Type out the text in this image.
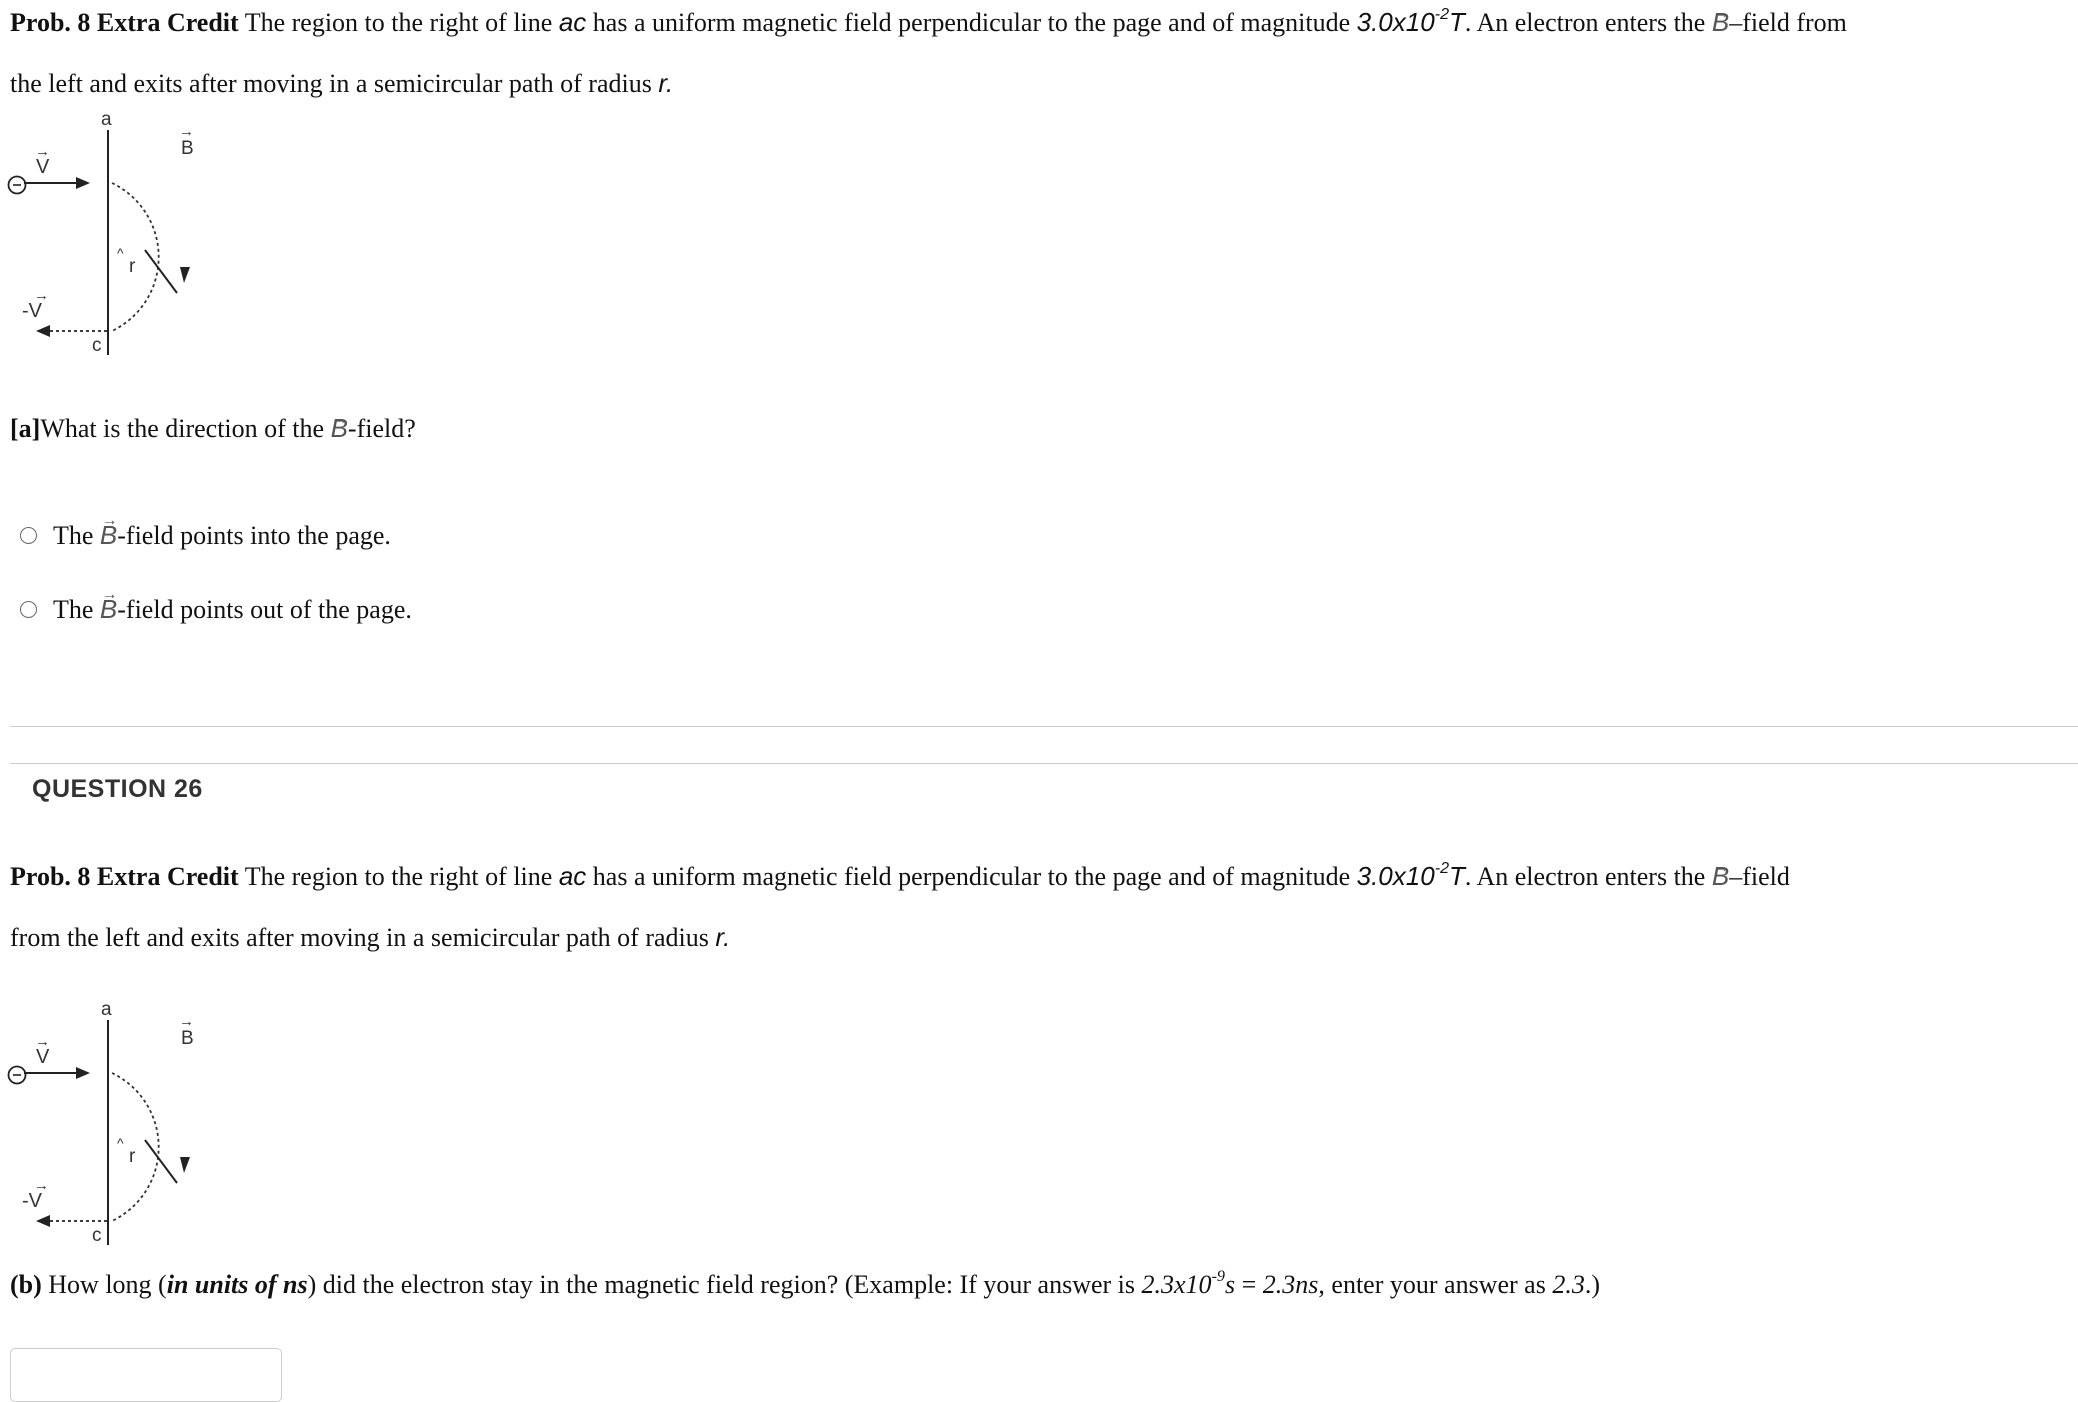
Prob. 8 Extra Credit The region to the right of line ac has a uniform magnetic field perpendicular to the page and of magnitude $3.0x10^{-2}T$. An electron enters the → B–field from
the left and exits after moving in a semicircular path of radius r.
a
c
B
→
V
→
-V
→
r
^
[a]What is the direction of the → B-field?
The → B-field points into the page.
The → B-field points out of the page.
QUESTION 26
Prob. 8 Extra Credit The region to the right of line ac has a uniform magnetic field perpendicular to the page and of magnitude $3.0x10^{-2}T$. An electron enters the → B–field
from the left and exits after moving in a semicircular path of radius r.
a
c
B
→
V
→
-V
→
r
^
(b) How long (in units of ns) did the electron stay in the magnetic field region? (Example: If your answer is $2.3x10^{-9}s = 2.3ns$, enter your answer as 2.3.)
